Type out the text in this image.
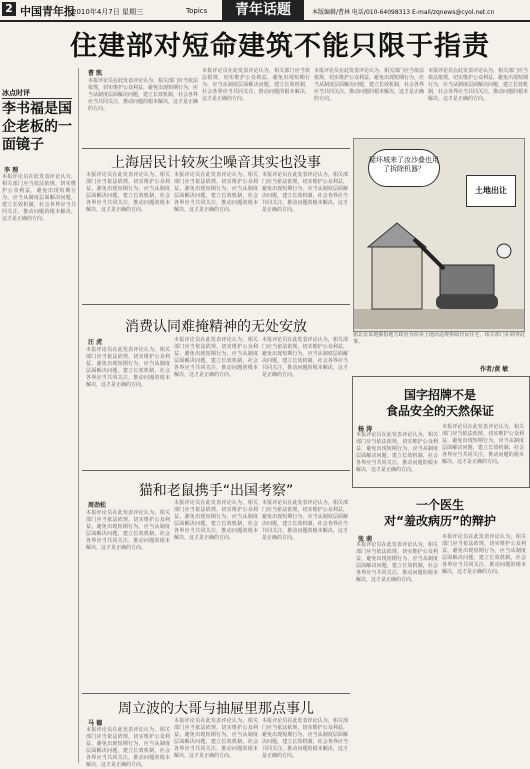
2 中国青年报
2010年4月7日 星期三	Topics	青年话题	本版编辑/曹林 电话/010-64098313 E-mail/zqnews@cyol.net.cn
住建部对短命建筑不能只限于指责
冰点时评
李书福是国企老板的一面镜子
李 理
本报评论员在此发表评论认为，相关部门应当依法依规，切实维护公众利益，避免出现短期行为，应当从制度层面解决问题，建立长效机制，社会各界应当共同关注，推动问题的根本解决，这才是正确的方向。
曹 凯
本报评论员在此发表评论认为，相关部门应当依法依规，切实维护公众利益，避免出现短期行为，应当从制度层面解决问题，建立长效机制，社会各界应当共同关注，推动问题的根本解决，这才是正确的方向。
本报评论员在此发表评论认为，相关部门应当依法依规，切实维护公众利益，避免出现短期行为，应当从制度层面解决问题，建立长效机制，社会各界应当共同关注，推动问题的根本解决，这才是正确的方向。
本报评论员在此发表评论认为，相关部门应当依法依规，切实维护公众利益，避免出现短期行为，应当从制度层面解决问题，建立长效机制，社会各界应当共同关注，推动问题的根本解决，这才是正确的方向。
本报评论员在此发表评论认为，相关部门应当依法依规，切实维护公众利益，避免出现短期行为，应当从制度层面解决问题，建立长效机制，社会各界应当共同关注，推动问题的根本解决，这才是正确的方向。
上海居民计较灰尘噪音其实也没事
本报评论员在此发表评论认为，相关部门应当依法依规，切实维护公众利益，避免出现短期行为，应当从制度层面解决问题，建立长效机制，社会各界应当共同关注，推动问题的根本解决，这才是正确的方向。
本报评论员在此发表评论认为，相关部门应当依法依规，切实维护公众利益，避免出现短期行为，应当从制度层面解决问题，建立长效机制，社会各界应当共同关注，推动问题的根本解决，这才是正确的方向。
本报评论员在此发表评论认为，相关部门应当依法依规，切实维护公众利益，避免出现短期行为，应当从制度层面解决问题，建立长效机制，社会各界应当共同关注，推动问题的根本解决，这才是正确的方向。
疑坏城来了汝沙叠也用了拆除机器？
土地出让
据北京某地被指地方政府为拍卖土地而违规拆除居民住宅，相关部门在调查此事。
作者/黄 敏
消费认同难掩精神的无处安放
汪 虎
本报评论员在此发表评论认为，相关部门应当依法依规，切实维护公众利益，避免出现短期行为，应当从制度层面解决问题，建立长效机制，社会各界应当共同关注，推动问题的根本解决，这才是正确的方向。
本报评论员在此发表评论认为，相关部门应当依法依规，切实维护公众利益，避免出现短期行为，应当从制度层面解决问题，建立长效机制，社会各界应当共同关注，推动问题的根本解决，这才是正确的方向。
本报评论员在此发表评论认为，相关部门应当依法依规，切实维护公众利益，避免出现短期行为，应当从制度层面解决问题，建立长效机制，社会各界应当共同关注，推动问题的根本解决，这才是正确的方向。
猫和老鼠携手“出国考察”
周劲松
本报评论员在此发表评论认为，相关部门应当依法依规，切实维护公众利益，避免出现短期行为，应当从制度层面解决问题，建立长效机制，社会各界应当共同关注，推动问题的根本解决，这才是正确的方向。
本报评论员在此发表评论认为，相关部门应当依法依规，切实维护公众利益，避免出现短期行为，应当从制度层面解决问题，建立长效机制，社会各界应当共同关注，推动问题的根本解决，这才是正确的方向。
本报评论员在此发表评论认为，相关部门应当依法依规，切实维护公众利益，避免出现短期行为，应当从制度层面解决问题，建立长效机制，社会各界应当共同关注，推动问题的根本解决，这才是正确的方向。
周立波的大哥与抽屉里那点事儿
马 德
本报评论员在此发表评论认为，相关部门应当依法依规，切实维护公众利益，避免出现短期行为，应当从制度层面解决问题，建立长效机制，社会各界应当共同关注，推动问题的根本解决，这才是正确的方向。
本报评论员在此发表评论认为，相关部门应当依法依规，切实维护公众利益，避免出现短期行为，应当从制度层面解决问题，建立长效机制，社会各界应当共同关注，推动问题的根本解决，这才是正确的方向。
本报评论员在此发表评论认为，相关部门应当依法依规，切实维护公众利益，避免出现短期行为，应当从制度层面解决问题，建立长效机制，社会各界应当共同关注，推动问题的根本解决，这才是正确的方向。
国字招牌不是
食品安全的天然保证
杨 涛
本报评论员在此发表评论认为，相关部门应当依法依规，切实维护公众利益，避免出现短期行为，应当从制度层面解决问题，建立长效机制，社会各界应当共同关注，推动问题的根本解决，这才是正确的方向。
本报评论员在此发表评论认为，相关部门应当依法依规，切实维护公众利益，避免出现短期行为，应当从制度层面解决问题，建立长效机制，社会各界应当共同关注，推动问题的根本解决，这才是正确的方向。
一个医生
对“羞改病历”的辩护
张 萌
本报评论员在此发表评论认为，相关部门应当依法依规，切实维护公众利益，避免出现短期行为，应当从制度层面解决问题，建立长效机制，社会各界应当共同关注，推动问题的根本解决，这才是正确的方向。
本报评论员在此发表评论认为，相关部门应当依法依规，切实维护公众利益，避免出现短期行为，应当从制度层面解决问题，建立长效机制，社会各界应当共同关注，推动问题的根本解决，这才是正确的方向。
